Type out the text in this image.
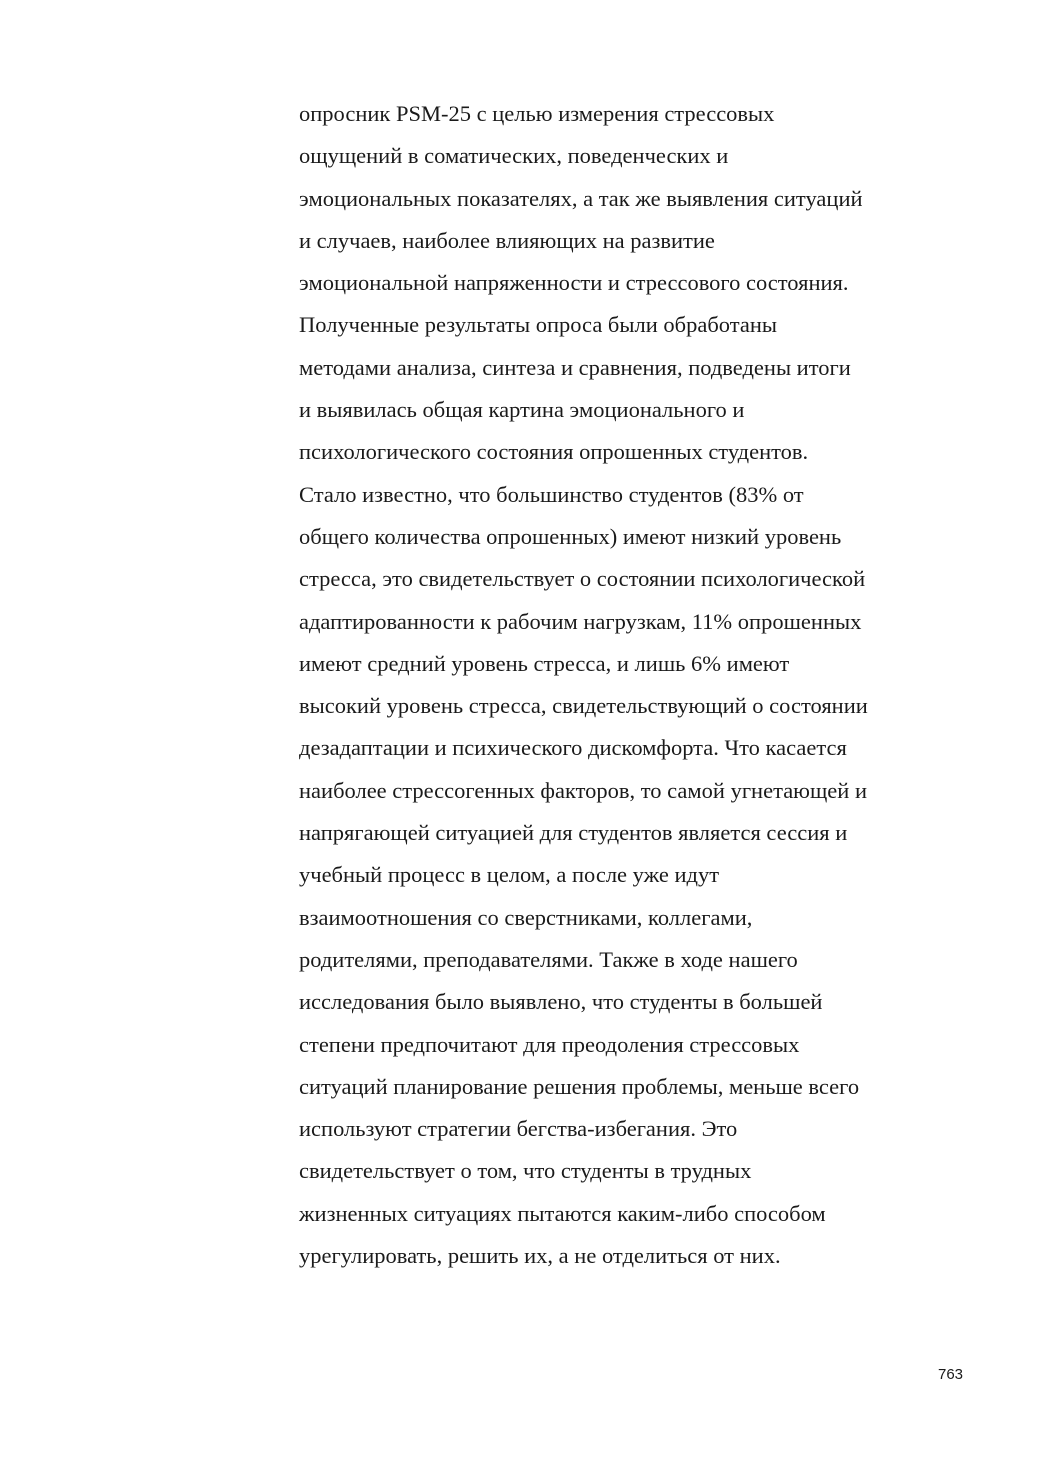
опросник PSM-25 с целью измерения стрессовых
ощущений в соматических, поведенческих и
эмоциональных показателях, а так же выявления ситуаций
и случаев, наиболее влияющих на развитие
эмоциональной напряженности и стрессового состояния.
Полученные результаты опроса были обработаны
методами анализа, синтеза и сравнения, подведены итоги
и выявилась общая картина эмоционального и
психологического состояния опрошенных студентов.
Стало известно, что большинство студентов (83% от
общего количества опрошенных) имеют низкий уровень
стресса, это свидетельствует о состоянии психологической
адаптированности к рабочим нагрузкам, 11% опрошенных
имеют средний уровень стресса, и лишь 6% имеют
высокий уровень стресса, свидетельствующий о состоянии
дезадаптации и психического дискомфорта. Что касается
наиболее стрессогенных факторов, то самой угнетающей и
напрягающей ситуацией для студентов является сессия и
учебный процесс в целом, а после уже идут
взаимоотношения со сверстниками, коллегами,
родителями, преподавателями. Также в ходе нашего
исследования было выявлено, что студенты в большей
степени предпочитают для преодоления стрессовых
ситуаций планирование решения проблемы, меньше всего
используют стратегии бегства-избегания. Это
свидетельствует о том, что студенты в трудных
жизненных ситуациях пытаются каким-либо способом
урегулировать, решить их, а не отделиться от них.
763
